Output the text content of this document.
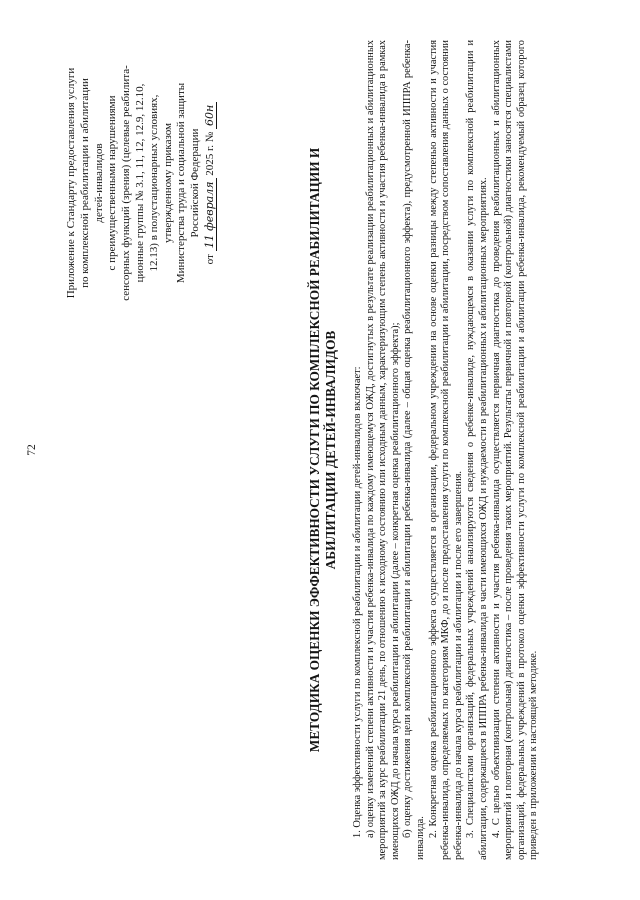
72
Приложение к Стандарту предоставления услуги по комплексной реабилитации и абилитации детей-инвалидов с преимущественными нарушениями сенсорных функций (зрения) (целевые реабилита- ционные группы № 3.1, 11, 12, 12.9, 12.10, 12.13) в полустационарных условиях, утвержденному приказом Министерства труда и социальной защиты Российской Федерации
от 11 февраля 2025 г. № 60н
МЕТОДИКА ОЦЕНКИ ЭФФЕКТИВНОСТИ УСЛУГИ ПО КОМПЛЕКСНОЙ РЕАБИЛИТАЦИИ И АБИЛИТАЦИИ ДЕТЕЙ-ИНВАЛИДОВ 1. Оценка эффективности услуги по комплексной реабилитации и абилитации детей-инвалидов включает: а) оценку изменений степени активности и участия ребенка-инвалида по каждому имеющемуся ОЖД, достигнутых в результате реализации реабилитационных и абилитационных мероприятий за курс реабилитации 21 день, по отношению к исходному состоянию или исходным данным, характеризующим степень активности и участия ребенка-инвалида в рамках имеющихся ОЖД до начала курса реабилитации и абилитации (далее – конкретная оценка реабилитационного эффекта); б) оценку достижения цели комплексной реабилитации и абилитации ребенка-инвалида (далее – общая оценка реабилитационного эффекта), предусмотренной ИППРА ребенка-инвалида.

2. Конкретная оценка реабилитационного эффекта осуществляется в организации, федеральном учреждении на основе оценки разницы между степенью активности и участия ребенка-инвалида, определяемых по категориям МКФ, до и после предоставления услуги по комплексной реабилитации и абилитации, посредством сопоставления данных о состоянии ребенка-инвалида до начала курса реабилитации и абилитации и после его завершения. 3. Специалистами организаций, федеральных учреждений анализируются сведения о ребенке-инвалиде, нуждающемся в оказании услуги по комплексной реабилитации и абилитации, содержащиеся в ИППРА ребенка-инвалида в части имеющихся ОЖД и нуждаемости в реабилитационных и абилитационных мероприятиях. 4. С целью объективизации степени активности и участия ребенка-инвалида осуществляется первичная диагностика до проведения реабилитационных и абилитационных мероприятий и повторная (контрольная) диагностика – после проведения таких мероприятий. Результаты первичной и повторной (контрольной) диагностики заносятся специалистами организаций, федеральных учреждений в протокол оценки эффективности услуги по комплексной реабилитации и абилитации ребенка-инвалида, рекомендуемый образец которого приведен в приложении к настоящей методике.
